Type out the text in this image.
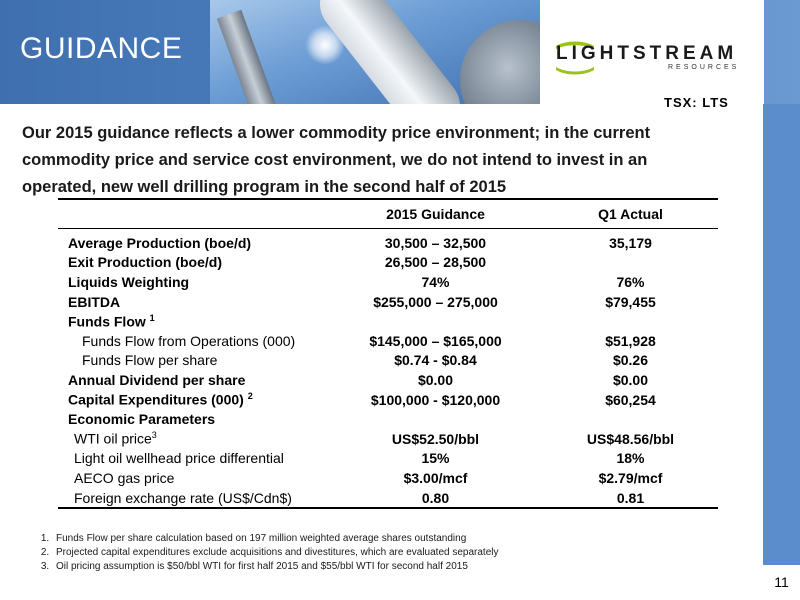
GUIDANCE	LIGHTSTREAM
RESOURCES
TSX: LTS
Our 2015 guidance reflects a lower commodity price environment; in the current commodity price and service cost environment, we do not intend to invest in an operated, new well drilling program in the second half of 2015
	2015 Guidance	Q1 Actual
Average Production (boe/d)	30,500 – 32,500	35,179
Exit Production (boe/d)	26,500 – 28,500	
Liquids Weighting	74%	76%
EBITDA	$255,000 – 275,000	$79,455
Funds Flow $^1$		
Funds Flow from Operations (000)	$145,000 – $165,000	$51,928
Funds Flow per share	$0.74 - $0.84	$0.26
Annual Dividend per share	$0.00	$0.00
Capital Expenditures (000) $^2$	$100,000 - $120,000	$60,254
Economic Parameters		
WTI oil price$^3$	US$52.50/bbl	US$48.56/bbl
Light oil wellhead price differential	15%	18%
AECO gas price	$3.00/mcf	$2.79/mcf
Foreign exchange rate (US$/Cdn$)	0.80	0.81
1. Funds Flow per share calculation based on 197 million weighted average shares outstanding
2. Projected capital expenditures exclude acquisitions and divestitures, which are evaluated separately
3. Oil pricing assumption is $50/bbl WTI for first half 2015 and $55/bbl WTI for second half 2015
11
